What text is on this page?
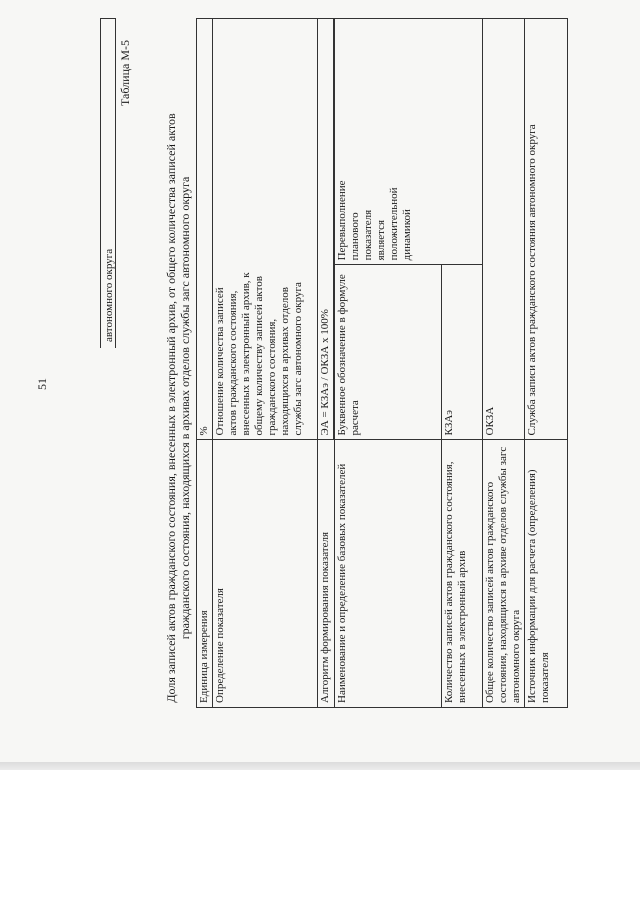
51
автономного округа
Таблица М-5
Доля записей актов гражданского состояния, внесенных в электронный архив, от общего количества записей актов гражданского состояния, находящихся в архивах отделов службы загс автономного округа
Единица измерения	%	
Определение показателя	Отношение количества записей актов гражданского состояния, внесенных в электронный архив, к общему количеству записей актов гражданского состояния, находящихся в архивах отделов службы загс автономного округа	

Алгоритм формирования показателя	ЭА = КЗАэ / ОКЗА x 100%	

Наименование и определение базовых показателей	Буквенное обозначение в формуле расчета	Перевыполнение планового показателя является положительной динамикой

Количество записей актов гражданского состояния, внесенных в электронный архив	КЗАэ	
Общее количество записей актов гражданского состояния, находящихся в архиве отделов службы загс автономного округа	ОКЗА	
Источник информации для расчета (определения) показателя	Служба записи актов гражданского состояния автономного округа	
